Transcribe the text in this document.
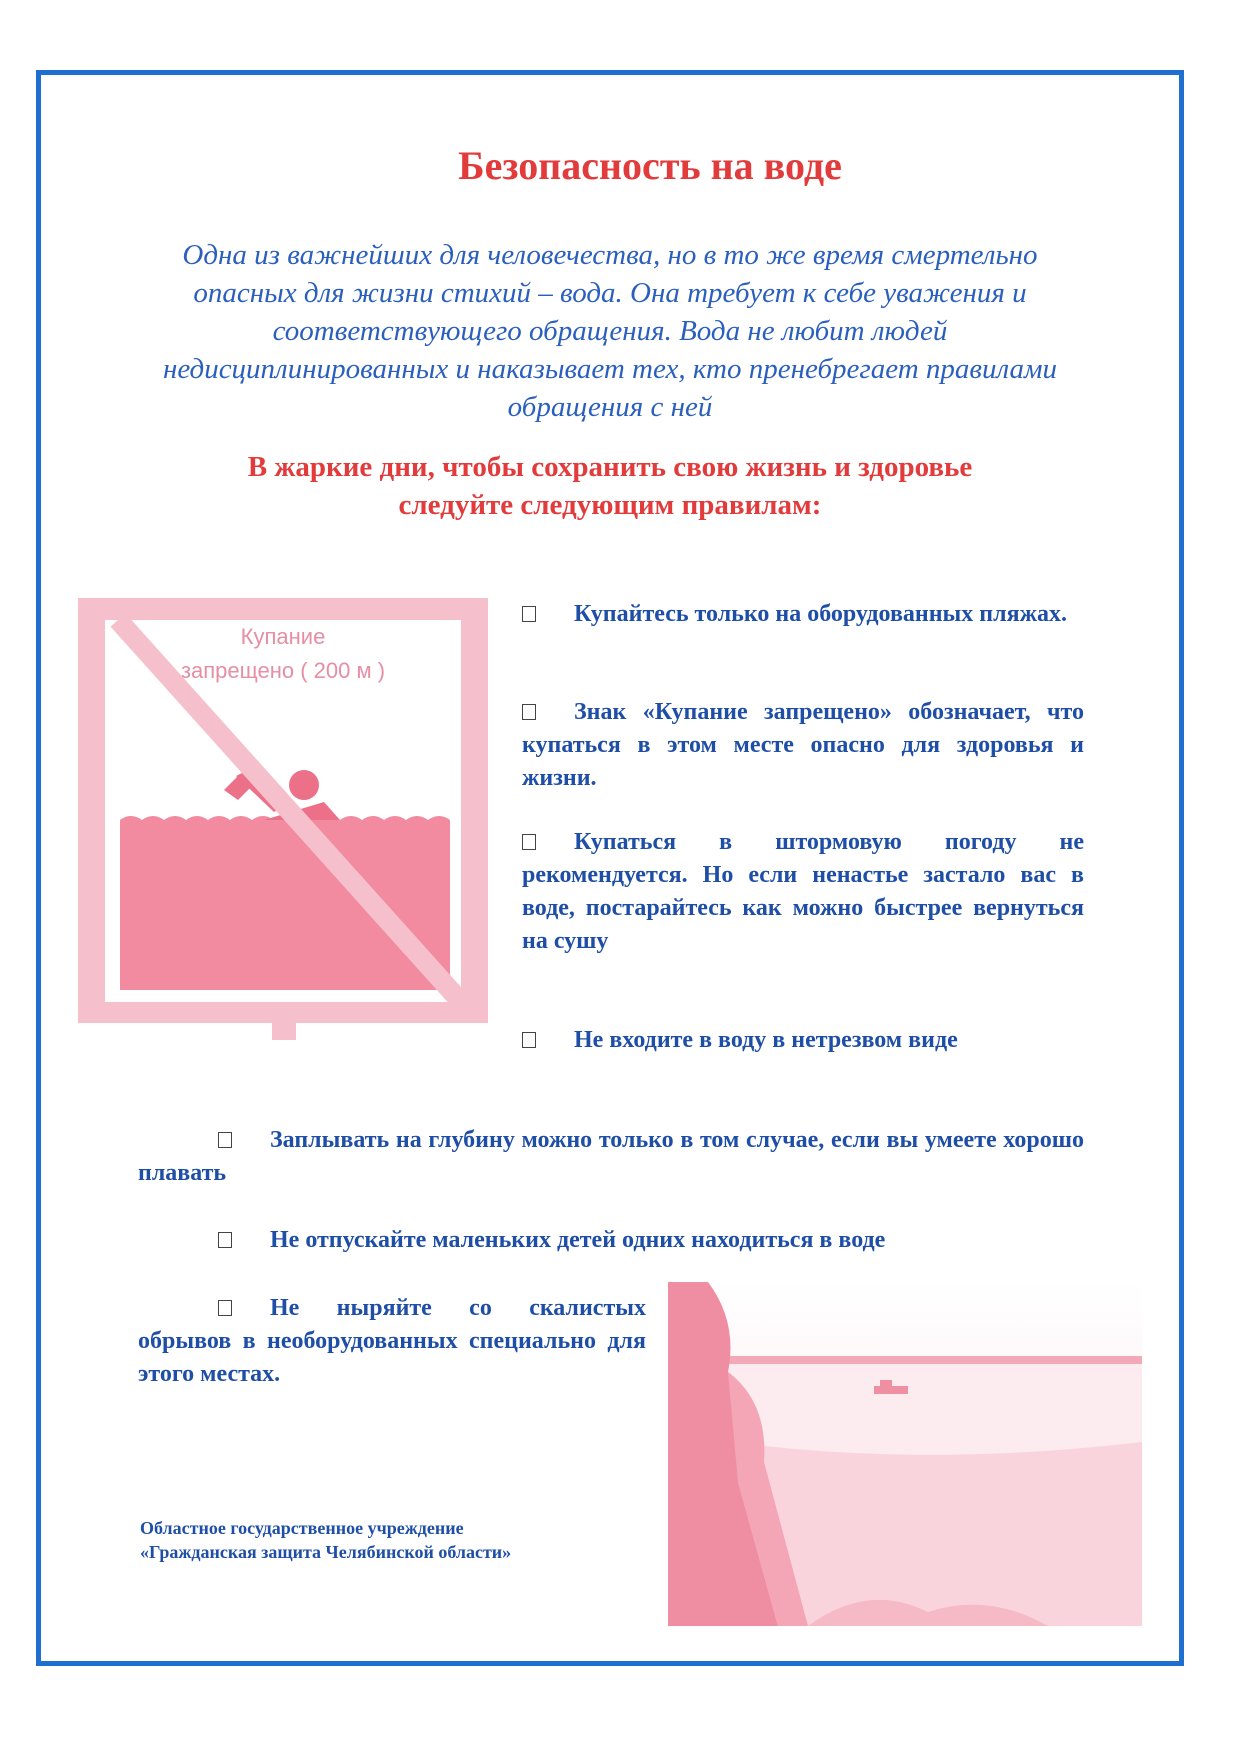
Безопасность на воде

Одна из важнейших для человечества, но в то же время смертельно опасных для жизни стихий – вода. Она требует к себе уважения и соответствующего обращения. Вода не любит людей недисциплинированных и наказывает тех, кто пренебрегает правилами обращения с ней

В жаркие дни, чтобы сохранить свою жизнь и здоровье
следуйте следующим правилам:

Купание
запрещено ( 200 м )
Купайтесь только на оборудованных пляжах.
Знак «Купание запрещено» обозначает, что купаться в этом месте опасно для здоровья и жизни.
Купаться в штормовую погоду не рекомендуется. Но если ненастье застало вас в воде, постарайтесь как можно быстрее вернуться на сушу
Не входите в воду в нетрезвом виде
Заплывать на глубину можно только в том случае, если вы умеете хорошо плавать
Не отпускайте маленьких детей одних находиться в воде
Не ныряйте со скалистых обрывов в необорудованных специально для этого местах.
Областное государственное учреждение
«Гражданская защита Челябинской области»
